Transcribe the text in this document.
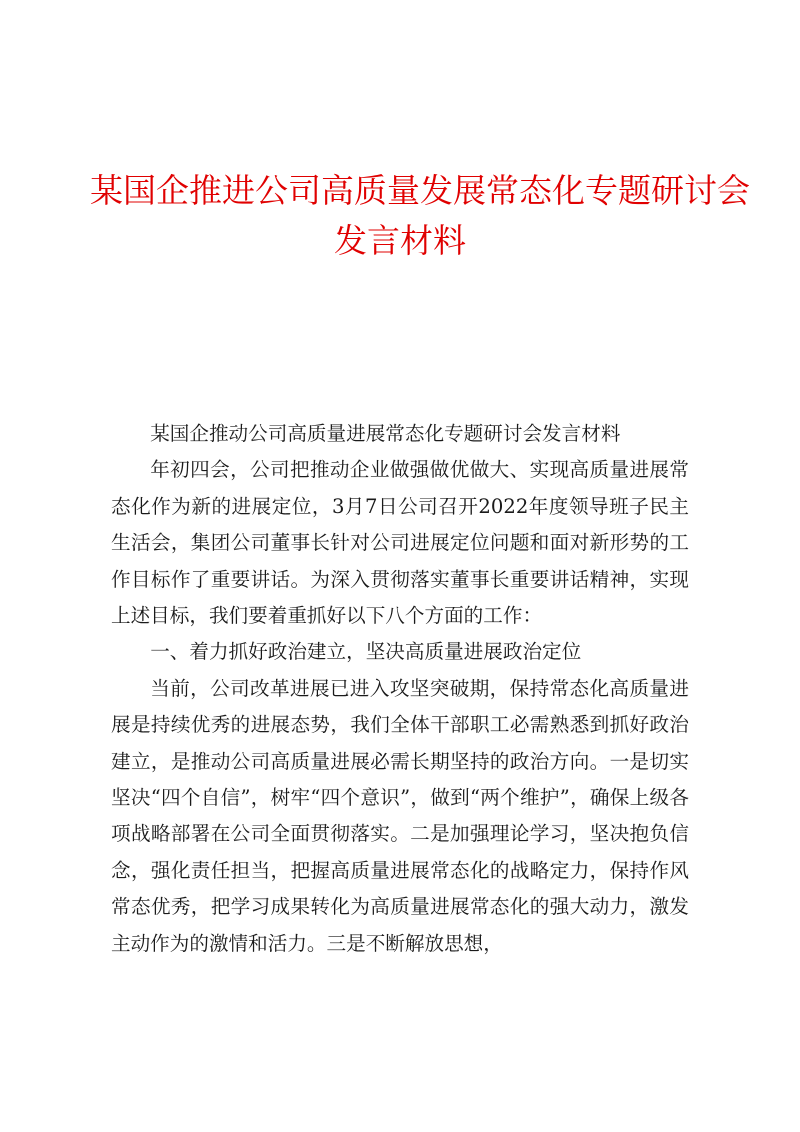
某国企推进公司高质量发展常态化专题研讨会
发言材料

某国企推动公司高质量进展常态化专题研讨会发言材料

年初四会，公司把推动企业做强做优做大、实现高质量进展常态化作为新的进展定位，3月7日公司召开2022年度领导班子民主生活会，集团公司董事长针对公司进展定位问题和面对新形势的工作目标作了重要讲话。为深入贯彻落实董事长重要讲话精神，实现上述目标，我们要着重抓好以下八个方面的工作：

一、着力抓好政治建立，坚决高质量进展政治定位

当前，公司改革进展已进入攻坚突破期，保持常态化高质量进展是持续优秀的进展态势，我们全体干部职工必需熟悉到抓好政治建立，是推动公司高质量进展必需长期坚持的政治方向。一是切实坚决“四个自信”，树牢“四个意识”，做到“两个维护”，确保上级各项战略部署在公司全面贯彻落实。二是加强理论学习，坚决抱负信念，强化责任担当，把握高质量进展常态化的战略定力，保持作风常态优秀，把学习成果转化为高质量进展常态化的强大动力，激发主动作为的激情和活力。三是不断解放思想，
